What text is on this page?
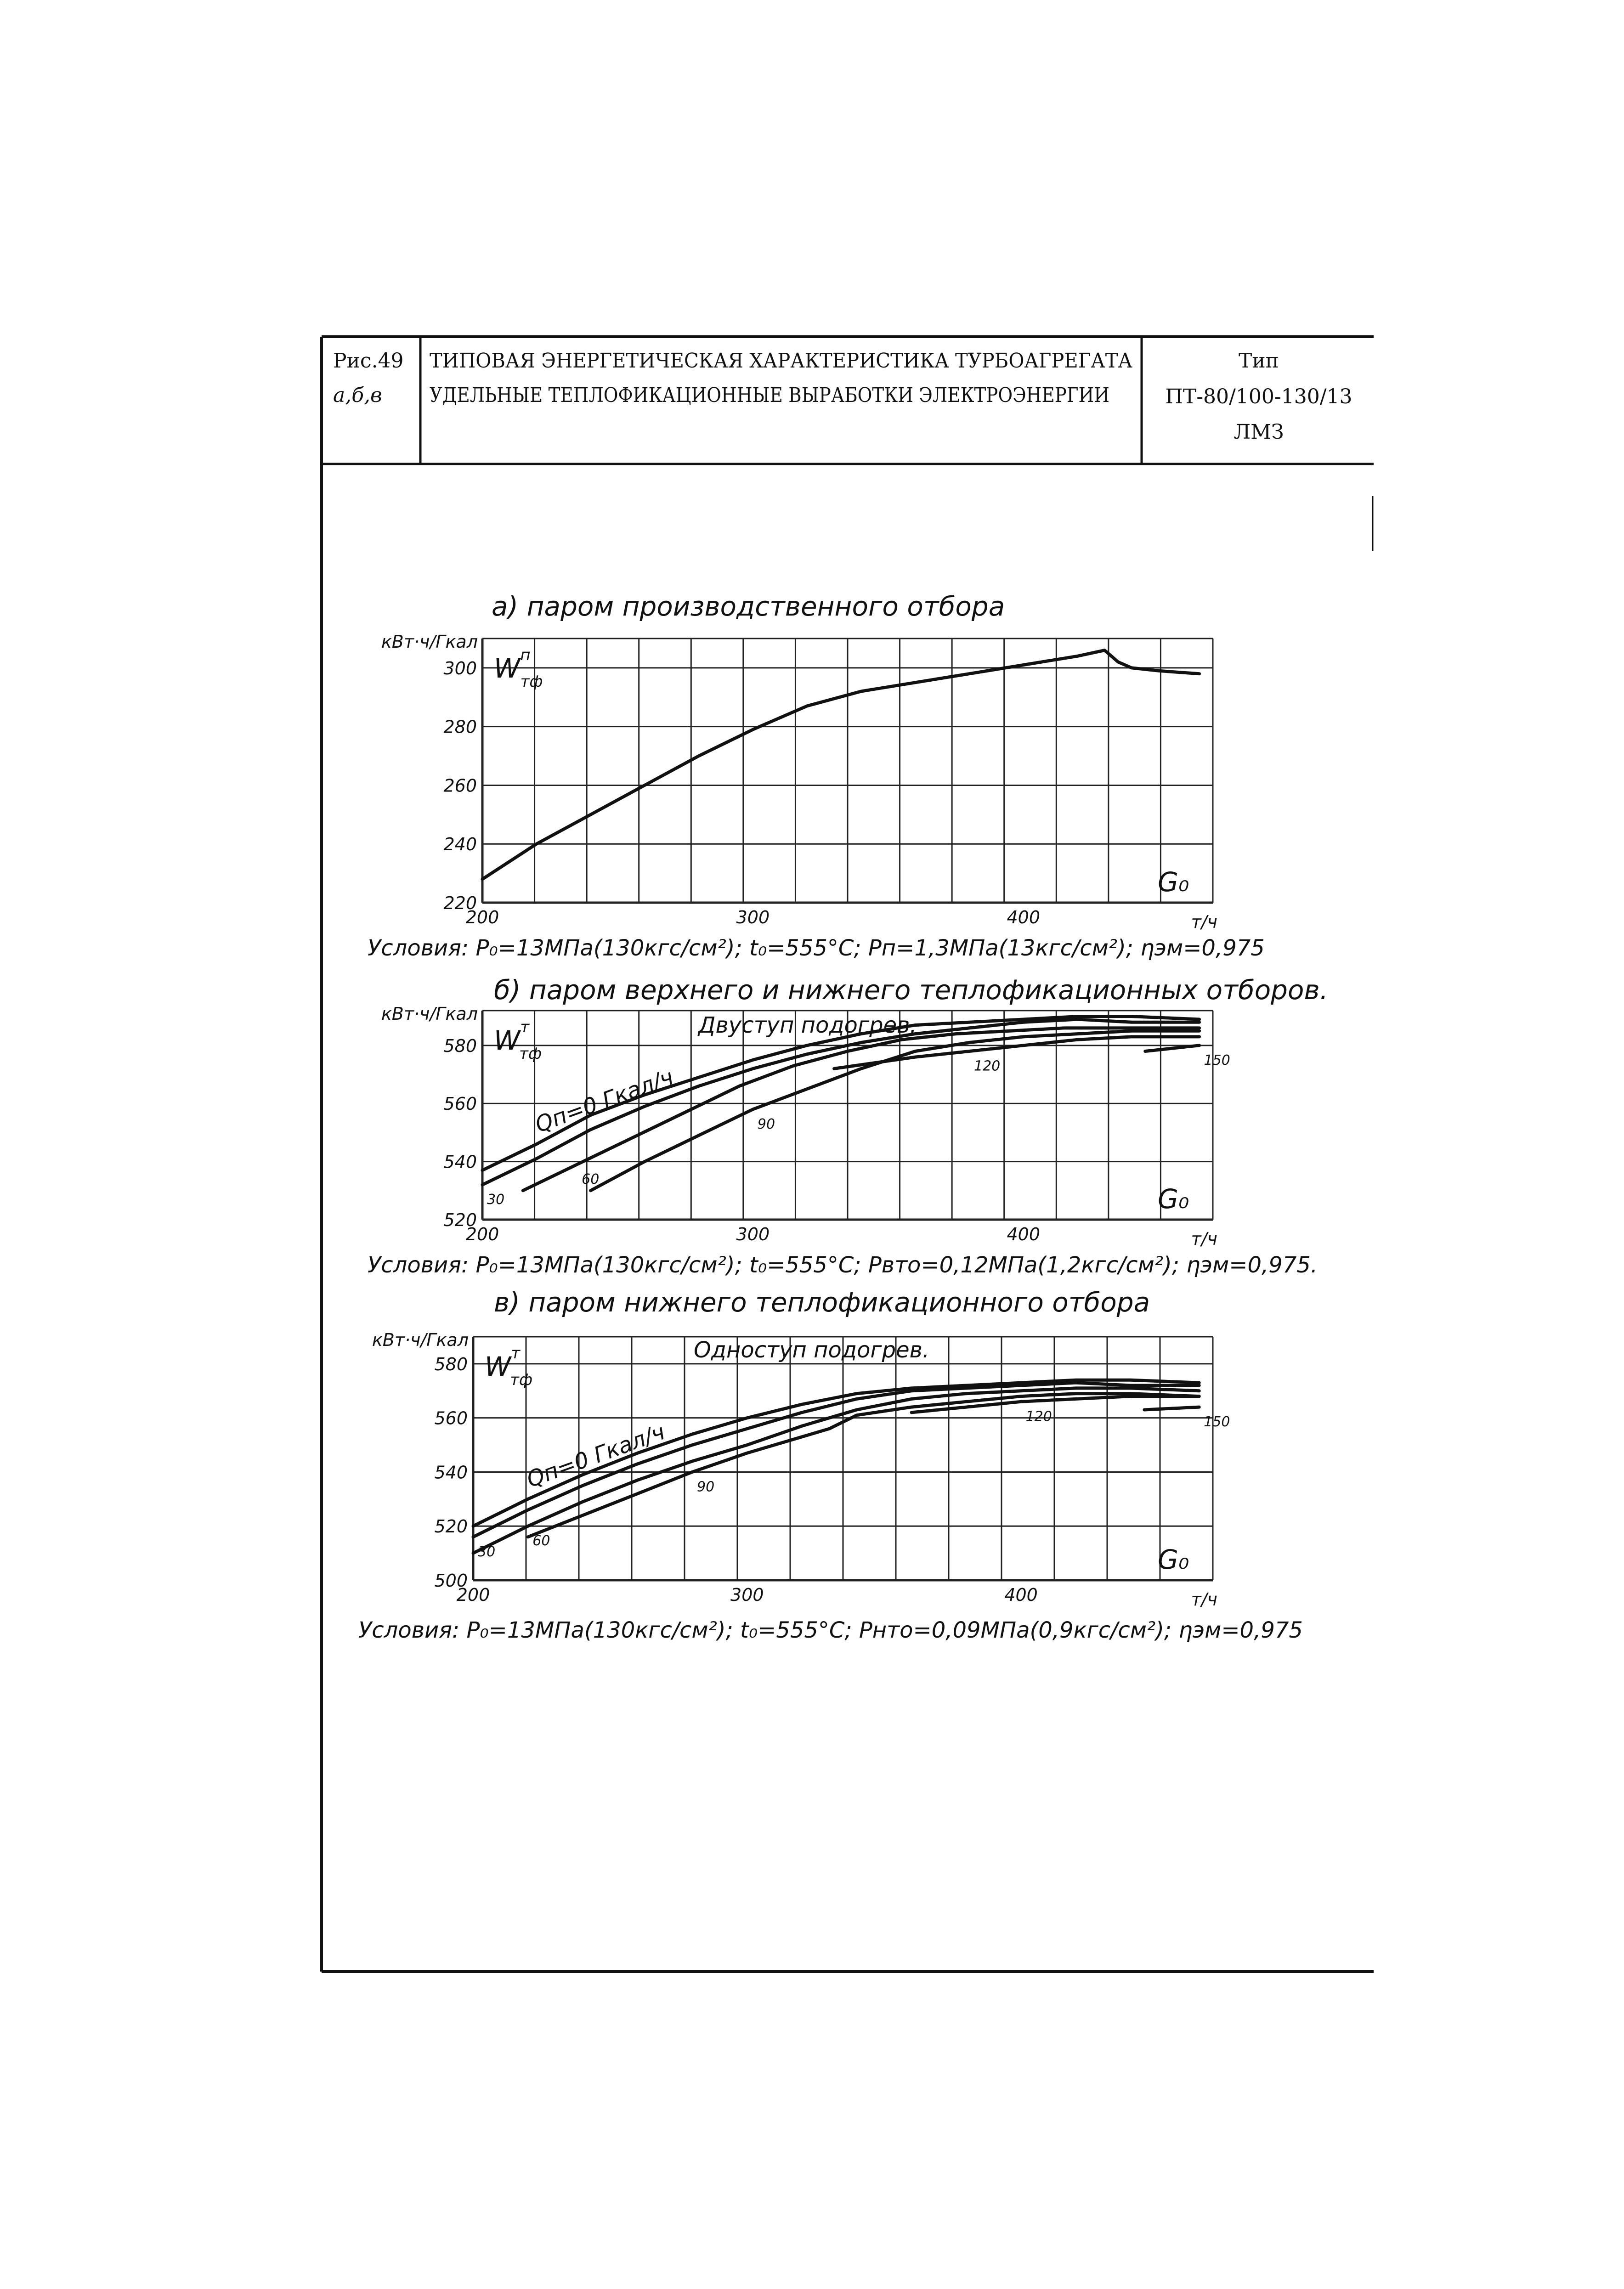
Рис.49
а,б,в
ТИПОВАЯ ЭНЕРГЕТИЧЕСКАЯ ХАРАКТЕРИСТИКА ТУРБОАГРЕГАТА
УДЕЛЬНЫЕ ТЕПЛОФИКАЦИОННЫЕ ВЫРАБОТКИ ЭЛЕКТРОЭНЕРГИИ
Тип
ПТ-80/100-130/13
ЛМЗ
а) паром производственного отбора
220
240
260
280
300
200	300	400
кВт·ч/Гкал
т/ч
$W^п$ тф
G₀
Условия: P₀=13МПа(130кгс/см²); t₀=555°С; Pп=1,3МПа(13кгс/см²); ηэм=0,975
б) паром верхнего и нижнего теплофикационных отборов.
520
540
560
580
200	300	400
кВт·ч/Гкал
т/ч
$W^т$ тф
G₀
Двуступ подогрев.
Qп=0 Гкал/ч
30
60
90
120	150
Условия: P₀=13МПа(130кгс/см²); t₀=555°С; Pвто=0,12МПа(1,2кгс/см²); ηэм=0,975.
в) паром нижнего теплофикационного отбора
500
520
540
560
580
200	300	400
кВт·ч/Гкал
т/ч
$W^т$ тф
G₀
Одноступ подогрев.
Qп=0 Гкал/ч
30
60
90
120	150
Условия: P₀=13МПа(130кгс/см²); t₀=555°С; Pнто=0,09МПа(0,9кгс/см²); ηэм=0,975
